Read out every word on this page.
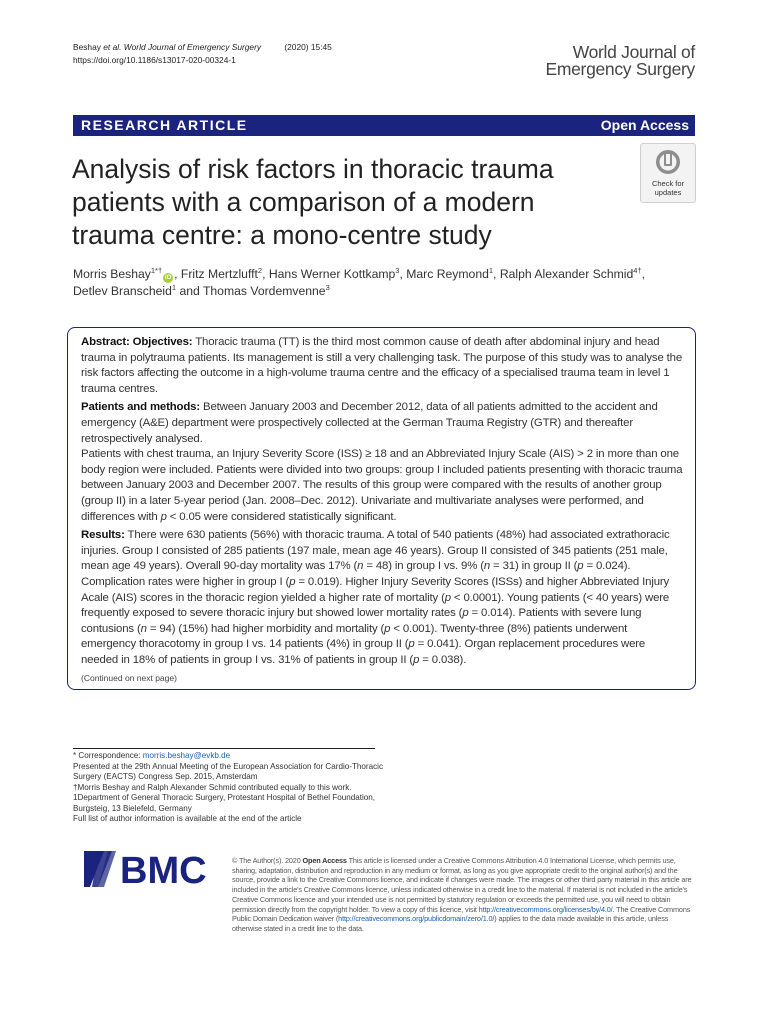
Beshay et al. World Journal of Emergency Surgery	(2020) 15:45
https://doi.org/10.1186/s13017-020-00324-1	World Journal of
Emergency Surgery
RESEARCH ARTICLE	Open Access
Analysis of risk factors in thoracic trauma patients with a comparison of a modern trauma centre: a mono-centre study
Check for
updates
Morris Beshay$^{1*\dagger}$iD , Fritz Mertzlufft$^2$, Hans Werner Kottkamp$^3$, Marc Reymond$^1$, Ralph Alexander Schmid$^{4\dagger}$,
Detlev Branscheid$^1$ and Thomas Vordemvenne$^3$

Abstract: Objectives: Thoracic trauma (TT) is the third most common cause of death after abdominal injury and head trauma in polytrauma patients. Its management is still a very challenging task. The purpose of this study was to analyse the risk factors affecting the outcome in a high-volume trauma centre and the efficacy of a specialised trauma team in level 1 trauma centres.

Patients and methods: Between January 2003 and December 2012, data of all patients admitted to the accident and emergency (A&E) department were prospectively collected at the German Trauma Registry (GTR) and thereafter retrospectively analysed.

Patients with chest trauma, an Injury Severity Score (ISS) ≥ 18 and an Abbreviated Injury Scale (AIS) > 2 in more than one body region were included. Patients were divided into two groups: group I included patients presenting with thoracic trauma between January 2003 and December 2007. The results of this group were compared with the results of another group (group II) in a later 5-year period (Jan. 2008–Dec. 2012). Univariate and multivariate analyses were performed, and differences with p < 0.05 were considered statistically significant.

Results: There were 630 patients (56%) with thoracic trauma. A total of 540 patients (48%) had associated extrathoracic injuries. Group I consisted of 285 patients (197 male, mean age 46 years). Group II consisted of 345 patients (251 male, mean age 49 years). Overall 90-day mortality was 17% (n = 48) in group I vs. 9% (n = 31) in group II (p = 0.024). Complication rates were higher in group I (p = 0.019). Higher Injury Severity Scores (ISSs) and higher Abbreviated Injury Acale (AIS) scores in the thoracic region yielded a higher rate of mortality (p < 0.0001). Young patients (< 40 years) were frequently exposed to severe thoracic injury but showed lower mortality rates (p = 0.014). Patients with severe lung contusions (n = 94) (15%) had higher morbidity and mortality (p < 0.001). Twenty-three (8%) patients underwent emergency thoracotomy in group I vs. 14 patients (4%) in group II (p = 0.041). Organ replacement procedures were needed in 18% of patients in group I vs. 31% of patients in group II (p = 0.038).

(Continued on next page)
* Correspondence: morris.beshay@evkb.de
Presented at the 29th Annual Meeting of the European Association for Cardio-Thoracic Surgery (EACTS) Congress Sep. 2015, Amsterdam
†Morris Beshay and Ralph Alexander Schmid contributed equally to this work.
1Department of General Thoracic Surgery, Protestant Hospital of Bethel Foundation, Burgsteig, 13 Bielefeld, Germany
Full list of author information is available at the end of the article
BMC	© The Author(s). 2020 Open Access This article is licensed under a Creative Commons Attribution 4.0 International License, which permits use, sharing, adaptation, distribution and reproduction in any medium or format, as long as you give appropriate credit to the original author(s) and the source, provide a link to the Creative Commons licence, and indicate if changes were made. The images or other third party material in this article are included in the article's Creative Commons licence, unless indicated otherwise in a credit line to the material. If material is not included in the article's Creative Commons licence and your intended use is not permitted by statutory regulation or exceeds the permitted use, you will need to obtain permission directly from the copyright holder. To view a copy of this licence, visit http://creativecommons.org/licenses/by/4.0/. The Creative Commons Public Domain Dedication waiver (http://creativecommons.org/publicdomain/zero/1.0/) applies to the data made available in this article, unless otherwise stated in a credit line to the data.
